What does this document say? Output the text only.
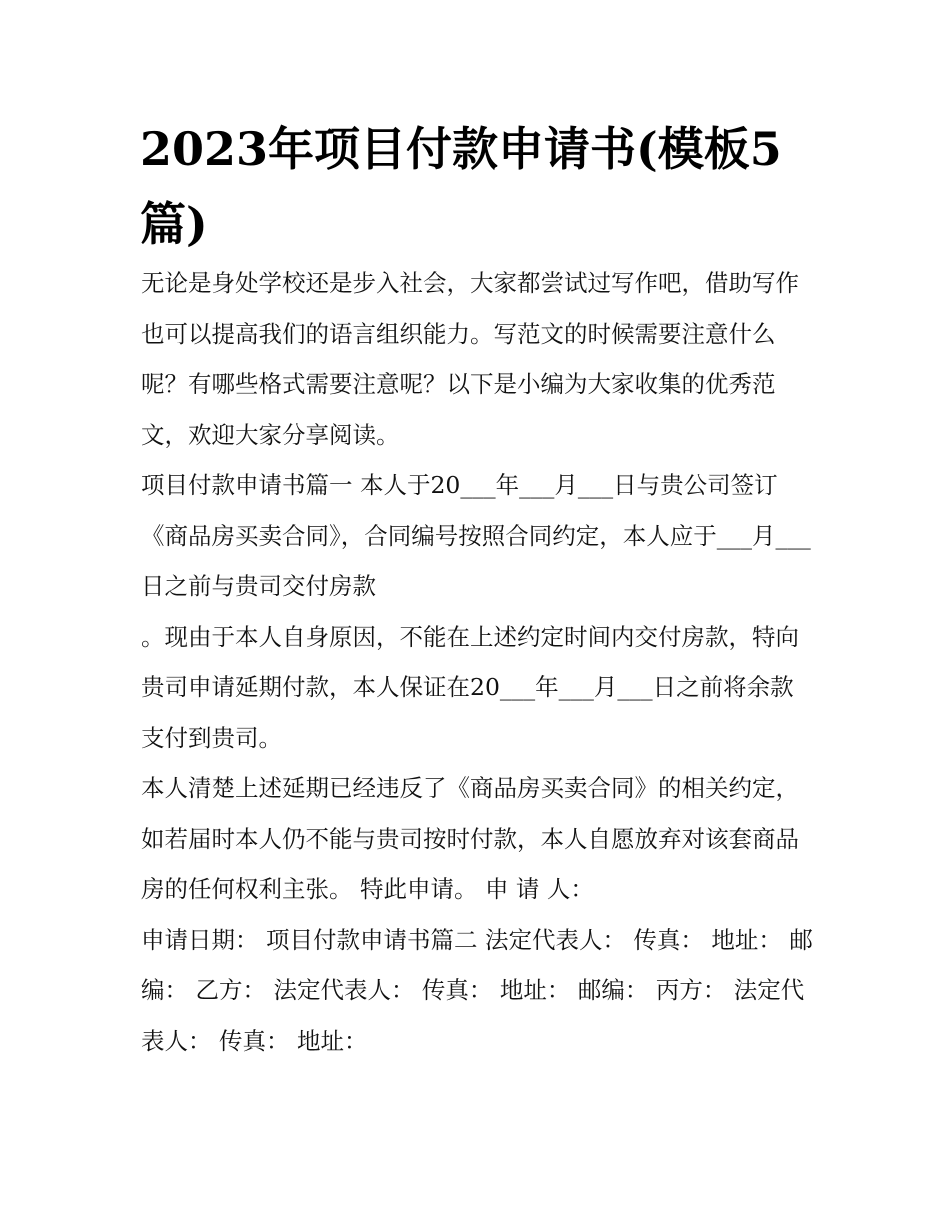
2023年项目付款申请书(模板5篇)

无论是身处学校还是步入社会，大家都尝试过写作吧，借助写作也可以提高我们的语言组织能力。写范文的时候需要注意什么呢？有哪些格式需要注意呢？以下是小编为大家收集的优秀范文，欢迎大家分享阅读。

项目付款申请书篇一 本人于20___年___月___日与贵公司签订《商品房买卖合同》，合同编号按照合同约定，本人应于___月___日之前与贵司交付房款

。现由于本人自身原因，不能在上述约定时间内交付房款，特向贵司申请延期付款，本人保证在20___年___月___日之前将余款支付到贵司。

本人清楚上述延期已经违反了《商品房买卖合同》的相关约定，如若届时本人仍不能与贵司按时付款，本人自愿放弃对该套商品房的任何权利主张。 特此申请。 申 请 人：

申请日期： 项目付款申请书篇二 法定代表人： 传真： 地址： 邮编： 乙方： 法定代表人： 传真： 地址： 邮编： 丙方： 法定代表人： 传真： 地址：
